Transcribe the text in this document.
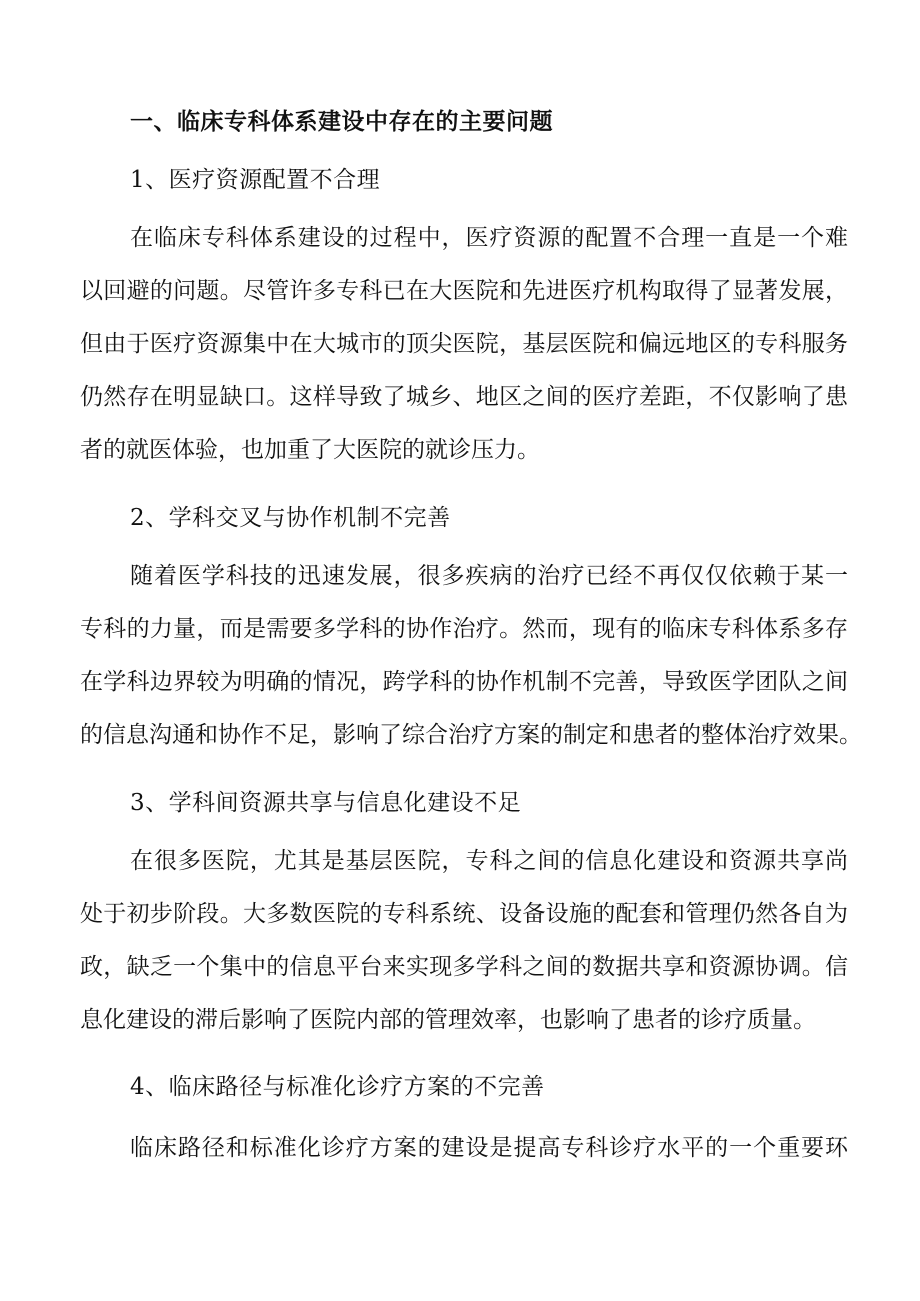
一、临床专科体系建设中存在的主要问题
1、医疗资源配置不合理
在临床专科体系建设的过程中，医疗资源的配置不合理一直是一个难
以回避的问题。尽管许多专科已在大医院和先进医疗机构取得了显著发展，
但由于医疗资源集中在大城市的顶尖医院，基层医院和偏远地区的专科服务
仍然存在明显缺口。这样导致了城乡、地区之间的医疗差距，不仅影响了患
者的就医体验，也加重了大医院的就诊压力。
2、学科交叉与协作机制不完善
随着医学科技的迅速发展，很多疾病的治疗已经不再仅仅依赖于某一
专科的力量，而是需要多学科的协作治疗。然而，现有的临床专科体系多存
在学科边界较为明确的情况，跨学科的协作机制不完善，导致医学团队之间
的信息沟通和协作不足，影响了综合治疗方案的制定和患者的整体治疗效果。
3、学科间资源共享与信息化建设不足
在很多医院，尤其是基层医院，专科之间的信息化建设和资源共享尚
处于初步阶段。大多数医院的专科系统、设备设施的配套和管理仍然各自为
政，缺乏一个集中的信息平台来实现多学科之间的数据共享和资源协调。信
息化建设的滞后影响了医院内部的管理效率，也影响了患者的诊疗质量。
4、临床路径与标准化诊疗方案的不完善
临床路径和标准化诊疗方案的建设是提高专科诊疗水平的一个重要环
